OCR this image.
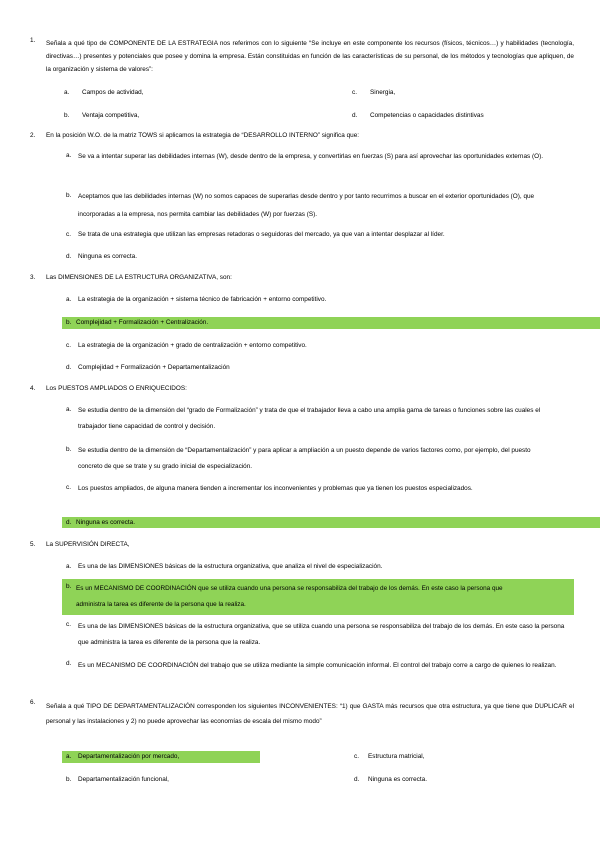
1. Señala a qué tipo de COMPONENTE DE LA ESTRATEGIA nos referimos con lo siguiente “Se incluye en este componente los recursos (físicos, técnicos…) y habilidades (tecnología, directivas…) presentes y potenciales que posee y domina la empresa. Están constituidas en función de las características de su personal, de los métodos y tecnologías que apliquen, de la organización y sistema de valores”:
a. Campos de actividad,
b. Ventaja competitiva,
c. Sinergia,
d. Competencias o capacidades distintivas
2. En la posición W.O. de la matriz TOWS si aplicamos la estrategia de “DESARROLLO INTERNO” significa que:
a. Se va a intentar superar las debilidades internas (W), desde dentro de la empresa, y convertirlas en fuerzas (S) para así aprovechar las oportunidades externas (O).
b. Aceptamos que las debilidades internas (W) no somos capaces de superarlas desde dentro y por tanto recurrimos a buscar en el exterior oportunidades (O), que incorporadas a la empresa, nos permita cambiar las debilidades (W) por fuerzas (S).
c. Se trata de una estrategia que utilizan las empresas retadoras o seguidoras del mercado, ya que van a intentar desplazar al líder.
d. Ninguna es correcta.
3. Las DIMENSIONES DE LA ESTRUCTURA ORGANIZATIVA, son:
a. La estrategia de la organización + sistema técnico de fabricación + entorno competitivo.
b. Complejidad + Formalización + Centralización.
c. La estrategia de la organización + grado de centralización + entorno competitivo.
d. Complejidad + Formalización + Departamentalización
4. Los PUESTOS AMPLIADOS O ENRIQUECIDOS:
a. Se estudia dentro de la dimensión del “grado de Formalización” y trata de que el trabajador lleva a cabo una amplia gama de tareas o funciones sobre las cuales el trabajador tiene capacidad de control y decisión.
b. Se estudia dentro de la dimensión de “Departamentalización” y para aplicar a ampliación a un puesto depende de varios factores como, por ejemplo, del puesto concreto de que se trate y su grado inicial de especialización.
c. Los puestos ampliados, de alguna manera tienden a incrementar los inconvenientes y problemas que ya tienen los puestos especializados.
d. Ninguna es correcta.
5. La SUPERVISIÓN DIRECTA,
a. Es una de las DIMENSIONES básicas de la estructura organizativa, que analiza el nivel de especialización.
b. Es un MECANISMO DE COORDINACIÓN que se utiliza cuando una persona se responsabiliza del trabajo de los demás. En este caso la persona que administra la tarea es diferente de la persona que la realiza.
c. Es una de las DIMENSIONES básicas de la estructura organizativa, que se utiliza cuando una persona se responsabiliza del trabajo de los demás. En este caso la persona que administra la tarea es diferente de la persona que la realiza.
d. Es un MECANISMO DE COORDINACIÓN del trabajo que se utiliza mediante la simple comunicación informal. El control del trabajo corre a cargo de quienes lo realizan.
6.
Señala a qué TIPO DE DEPARTAMENTALIZACIÓN corresponden los siguientes INCONVENIENTES: “1) que GASTA más recursos que otra estructura, ya que tiene que DUPLICAR el personal y las instalaciones y 2) no puede aprovechar las economías de escala del mismo modo”
a. Departamentalización por mercado,
b. Departamentalización funcional,
c. Estructura matricial,
d. Ninguna es correcta.
